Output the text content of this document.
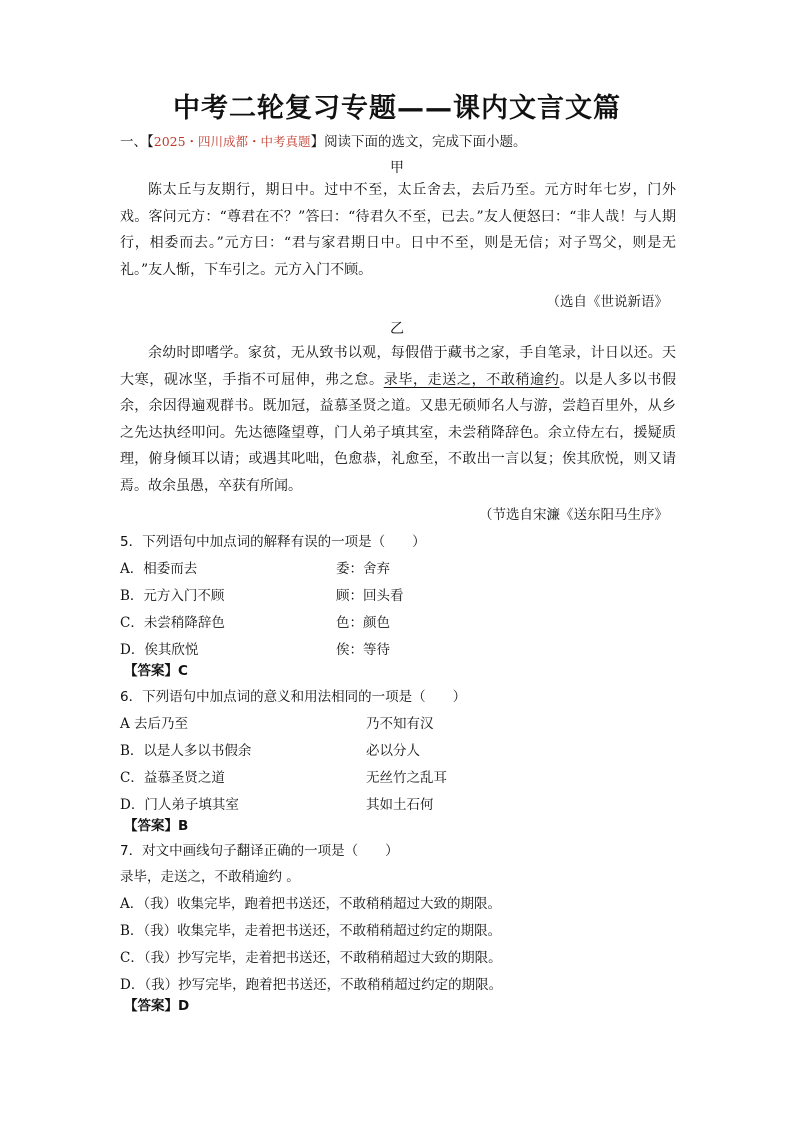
中考二轮复习专题——课内文言文篇
一、【2025・四川成都・中考真题】阅读下面的选文，完成下面小题。
甲

陈太丘与友期行，期日中。过中不至，太丘舍去，去后乃至。元方时年七岁，门外戏。客问元方：“尊君在不？”答曰：“待君久不至，已去。”友人便怒曰：“非人哉！与人期行，相委而去。”元方曰：“君与家君期日中。日中不至，则是无信；对子骂父，则是无礼。”友人惭，下车引之。元方入门不顾。

（选自《世说新语》
乙

余幼时即嗜学。家贫，无从致书以观，每假借于藏书之家，手自笔录，计日以还。天大寒，砚冰坚，手指不可屈伸，弗之怠。录毕，走送之，不敢稍逾约。以是人多以书假余，余因得遍观群书。既加冠，益慕圣贤之道。又患无硕师名人与游，尝趋百里外，从乡之先达执经叩问。先达德隆望尊，门人弟子填其室，未尝稍降辞色。余立侍左右，援疑质理，俯身倾耳以请；或遇其叱咄，色愈恭，礼愈至，不敢出一言以复；俟其欣悦，则又请焉。故余虽愚，卒获有所闻。

（节选自宋濂《送东阳马生序》
5．下列语句中加点词的解释有误的一项是（　　）
A．相委而去	委：舍弃
B．元方入门不顾	顾：回头看
C．未尝稍降辞色	色：颜色
D．俟其欣悦	俟：等待
【答案】C
6．下列语句中加点词的意义和用法相同的一项是（　　）
A 去后乃至	乃不知有汉
B．以是人多以书假余	必以分人
C．益慕圣贤之道	无丝竹之乱耳
D．门人弟子填其室	其如土石何
【答案】B
7．对文中画线句子翻译正确的一项是（　　）
录毕，走送之，不敢稍逾约 。
A．（我）收集完毕，跑着把书送还，不敢稍稍超过大致的期限。
B．（我）收集完毕，走着把书送还，不敢稍稍超过约定的期限。
C．（我）抄写完毕，走着把书送还，不敢稍稍超过大致的期限。
D．（我）抄写完毕，跑着把书送还，不敢稍稍超过约定的期限。
【答案】D
